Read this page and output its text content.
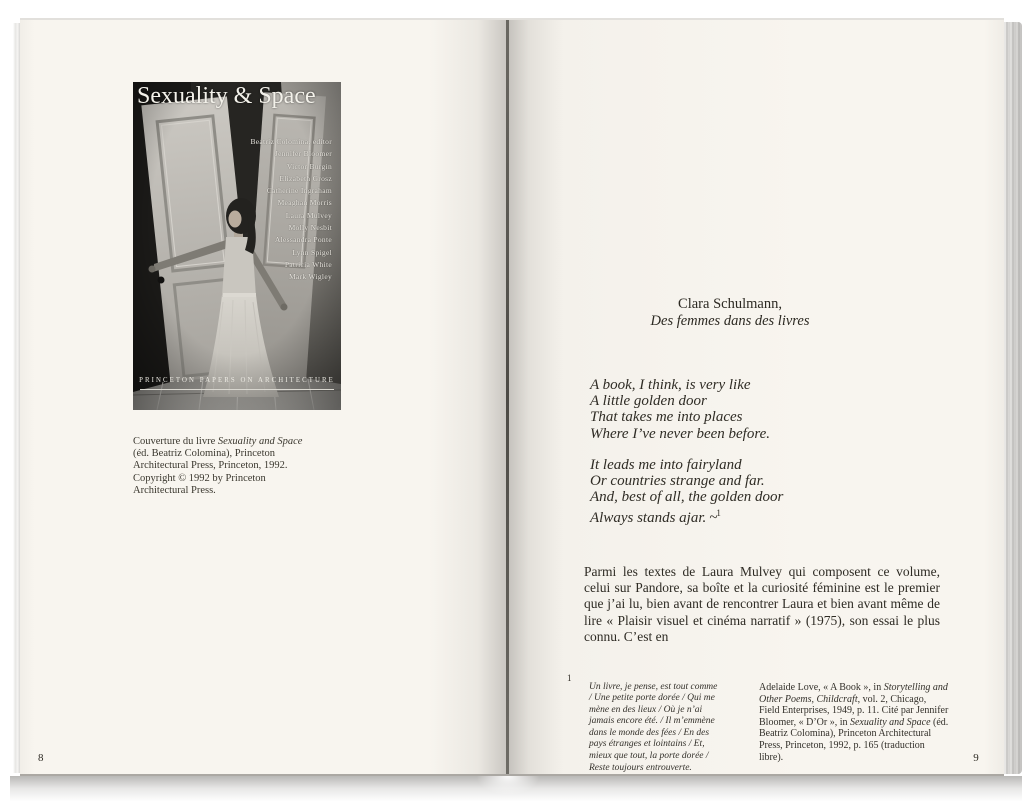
Sexuality & Space
Beatriz Colomina, editor
Jennifer Bloomer
Victor Burgin
Elizabeth Grosz
Catherine Ingraham
Meaghan Morris
Laura Mulvey
Molly Nesbit
Alessandra Ponte
Lynn Spigel
Patricia White
Mark Wigley
PRINCETON PAPERS ON ARCHITECTURE

Couverture du livre Sexuality and Space (éd. Beatriz Colomina), Princeton Architectural Press, Princeton, 1992. Copyright © 1992 by Princeton Architectural Press.

8
Clara Schulmann,
Des femmes dans des livres
A book, I think, is very like
A little golden door
That takes me into places
Where I’ve never been before.
It leads me into fairyland
Or countries strange and far.
And, best of all, the golden door
Always stands ajar. ~$^1$

Parmi les textes de Laura Mulvey qui composent ce volume, celui sur Pandore, sa boîte et la curiosité féminine est le premier que j’ai lu, bien avant de rencontrer Laura et bien avant même de lire « Plaisir visuel et cinéma narratif » (1975), son essai le plus connu. C’est en

1

Un livre, je pense, est tout comme / Une petite porte dorée / Qui me mène en des lieux / Où je n’ai jamais encore été. / Il m’emmène dans le monde des fées / En des pays étranges et lointains / Et, mieux que tout, la porte dorée / Reste toujours entrouverte.

Adelaide Love, « A Book », in Storytelling and Other Poems, Childcraft, vol. 2, Chicago, Field Enterprises, 1949, p. 11. Cité par Jennifer Bloomer, « D’Or », in Sexuality and Space (éd. Beatriz Colomina), Princeton Architectural Press, Princeton, 1992, p. 165 (traduction libre).	9
